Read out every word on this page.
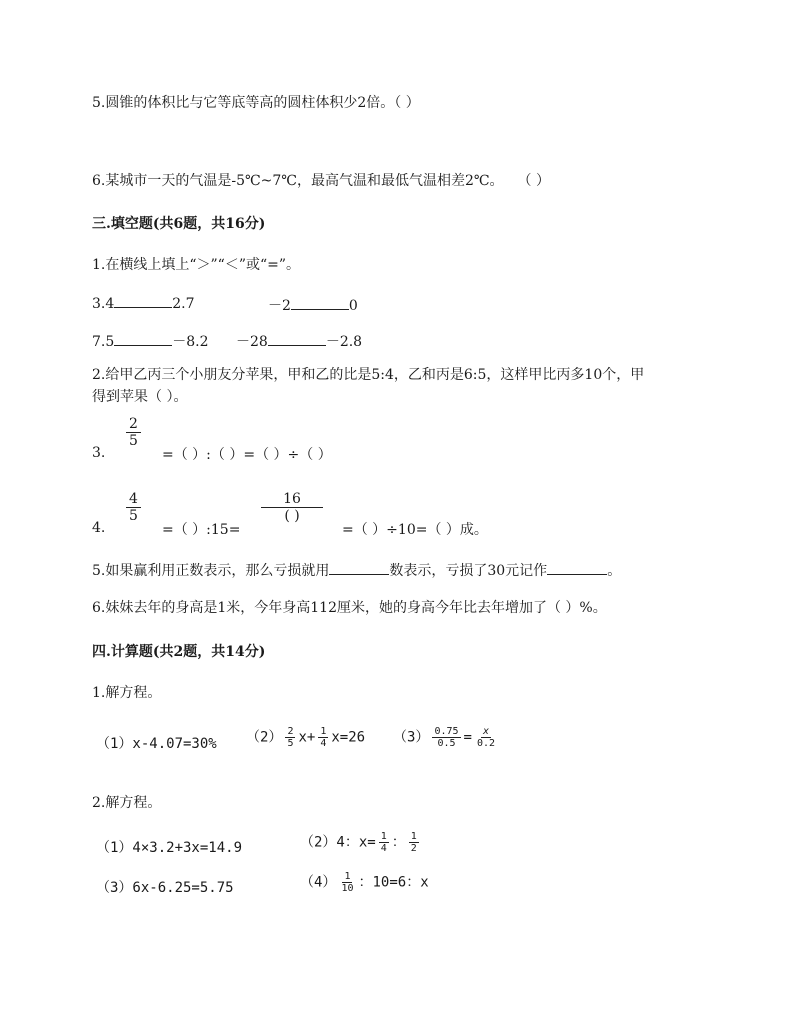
5.圆锥的体积比与它等底等高的圆柱体积少2倍。（ ）
6.某城市一天的气温是-5℃~7℃，最高气温和最低气温相差2℃。　　（ ）
三.填空题(共6题，共16分)
1.在横线上填上“＞”“＜”或“=”。
3.4	2.7	－2	0
7.5	－8.2 －28	－2.8
2.给甲乙丙三个小朋友分苹果，甲和乙的比是5:4，乙和丙是6:5，这样甲比丙多10个，甲
得到苹果（ ）。
3.
$\frac{2}{5}$
=（ ）:（ ）=（ ）÷（ ）
4.
$\frac{4}{5}$
=（ ）:15=
16
( )
=（ ）÷10=（ ）成。
5.如果赢利用正数表示，那么亏损就用	数表示，亏损了30元记作	。
6.妹妹去年的身高是1米，今年身高112厘米，她的身高今年比去年增加了（ ）%。
四.计算题(共2题，共14分)
1.解方程。
（1）x-4.07=30% $(2) \frac{2}{5} x+ \frac{1}{4} x=26$ $(3) \frac{0.75}{0.5} = \frac{x}{0.2}$
2.解方程。
（1）4×3.2+3x=14.9	（2）4：$x= \frac{1}{4}$ ： $\frac{1}{2}$
（3）6x-6.25=5.75	$(4) \frac{1}{10}$ ：10=6：x
